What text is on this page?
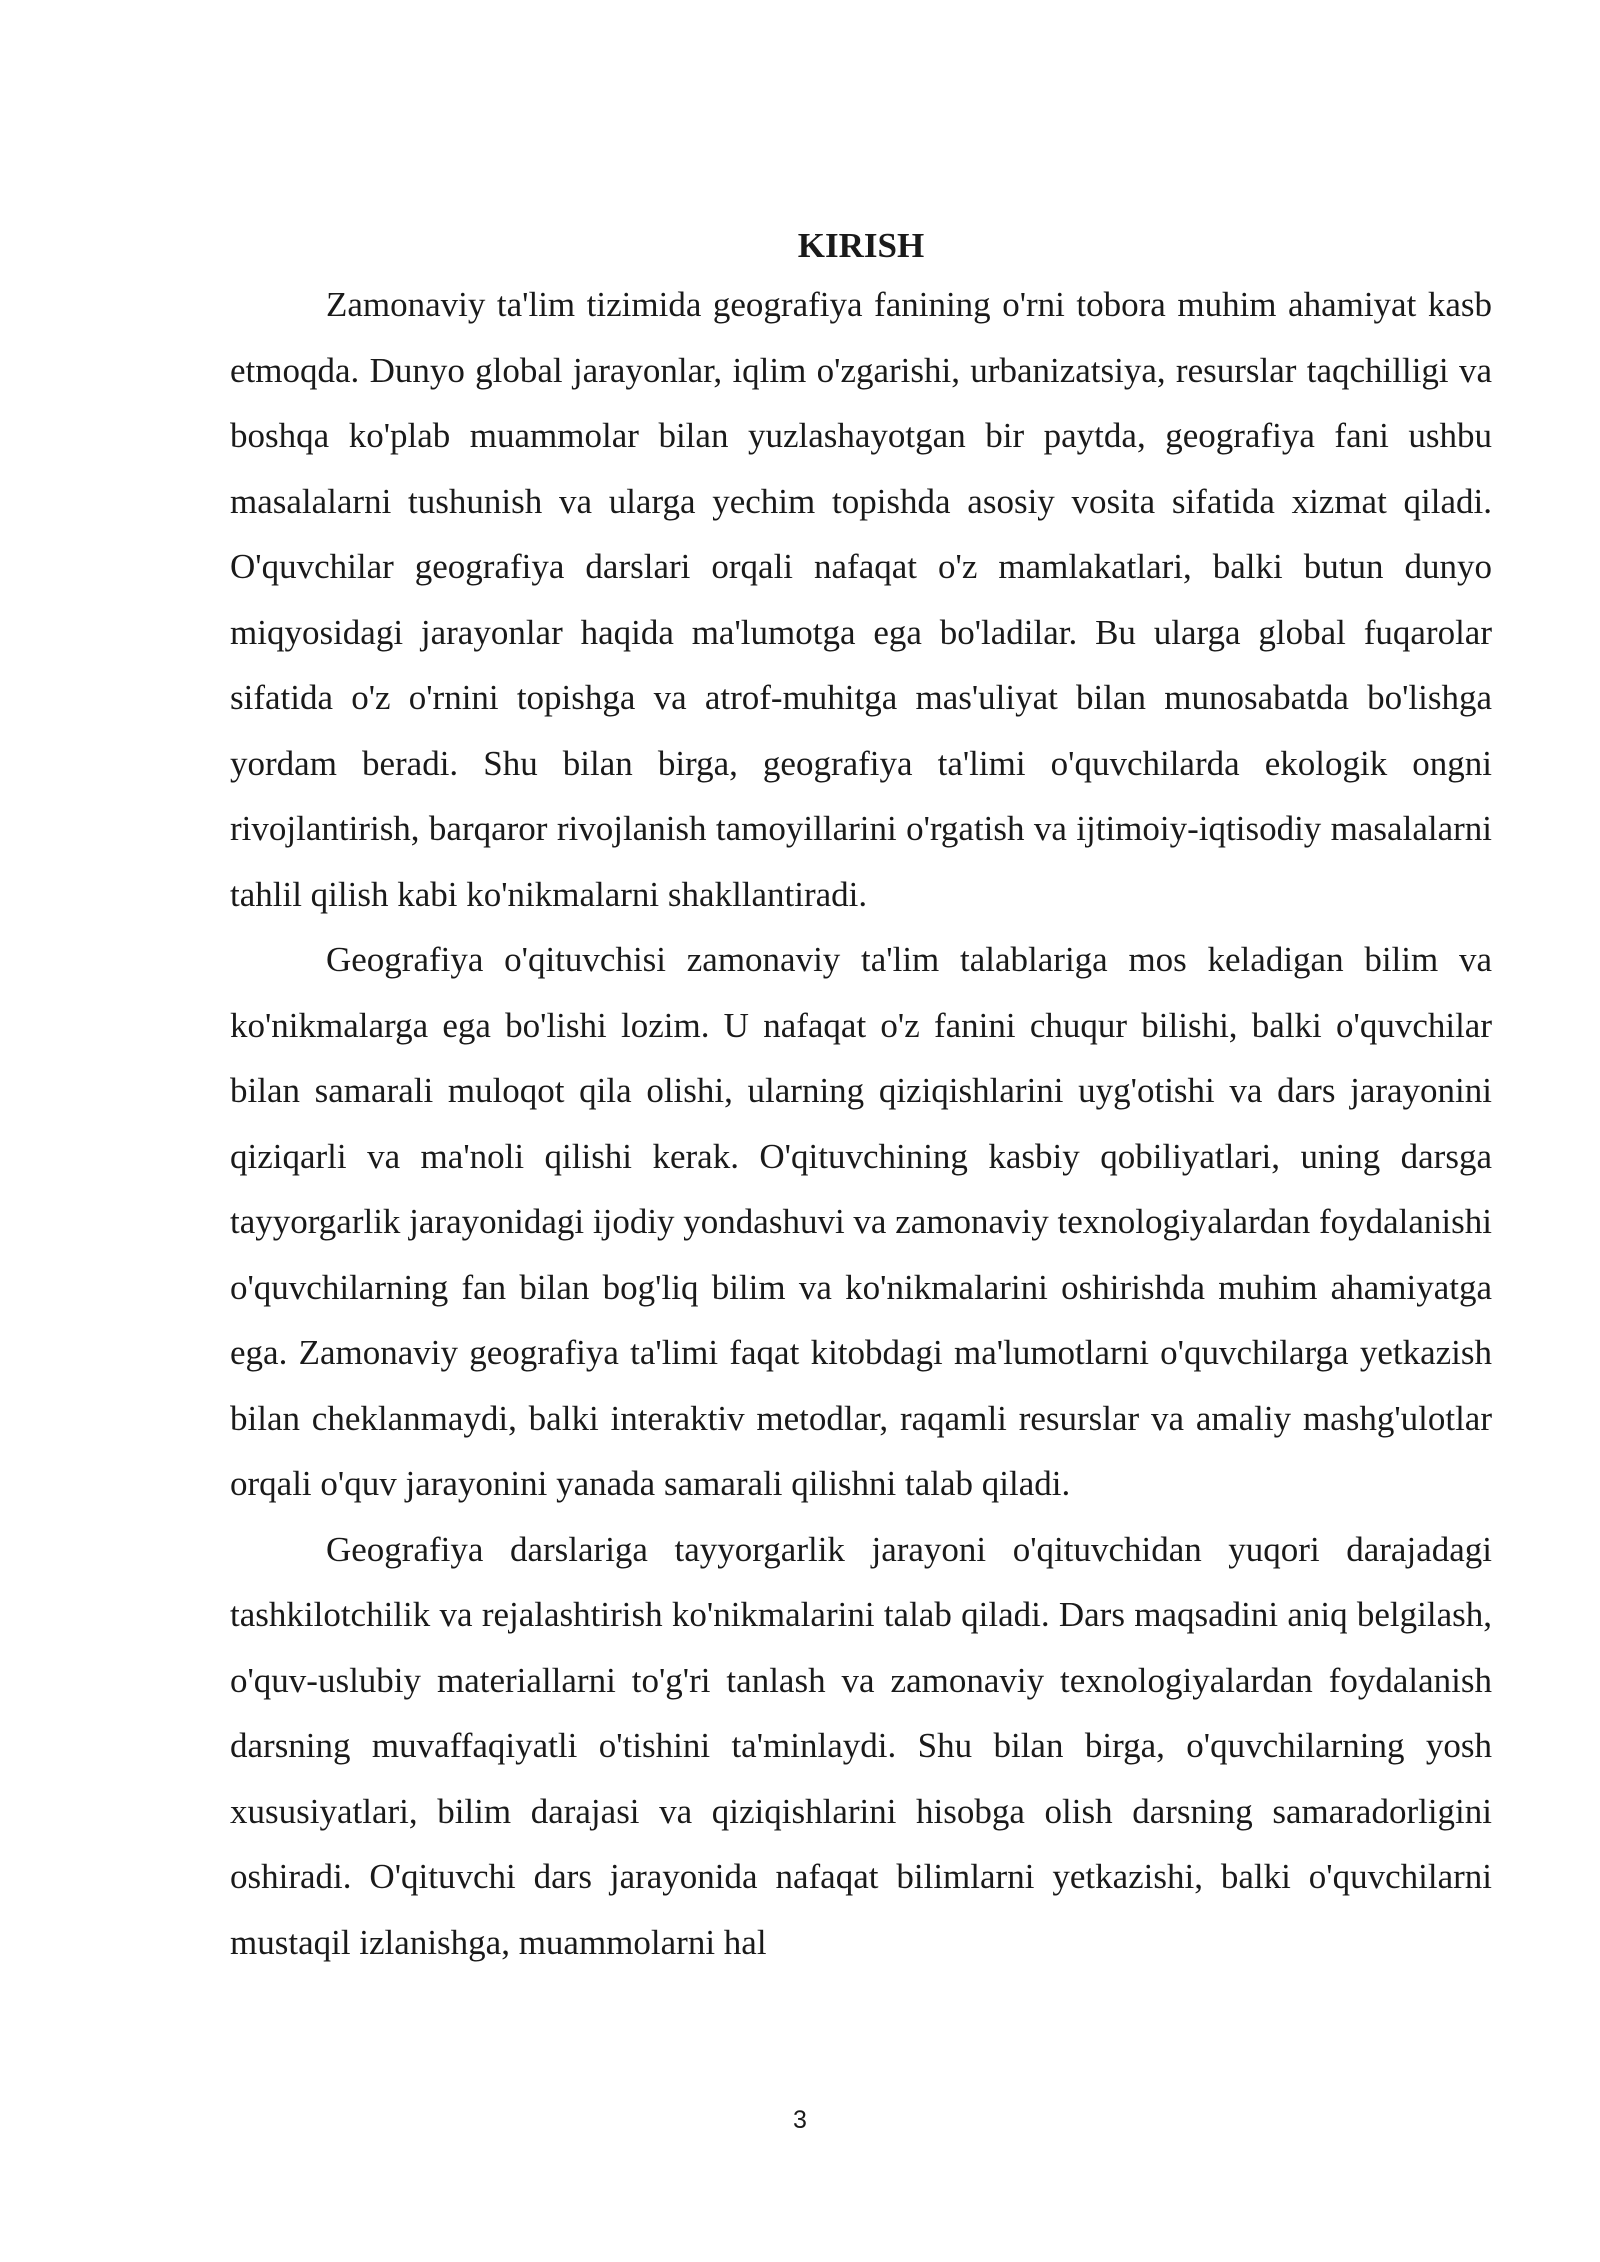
KIRISH

Zamonaviy ta'lim tizimida geografiya fanining o'rni tobora muhim ahamiyat kasb etmoqda. Dunyo global jarayonlar, iqlim o'zgarishi, urbanizatsiya, resurslar taqchilligi va boshqa ko'plab muammolar bilan yuzlashayotgan bir paytda, geografiya fani ushbu masalalarni tushunish va ularga yechim topishda asosiy vosita sifatida xizmat qiladi. O'quvchilar geografiya darslari orqali nafaqat o'z mamlakatlari, balki butun dunyo miqyosidagi jarayonlar haqida ma'lumotga ega bo'ladilar. Bu ularga global fuqarolar sifatida o'z o'rnini topishga va atrof-muhitga mas'uliyat bilan munosabatda bo'lishga yordam beradi. Shu bilan birga, geografiya ta'limi o'quvchilarda ekologik ongni rivojlantirish, barqaror rivojlanish tamoyillarini o'rgatish va ijtimoiy-iqtisodiy masalalarni tahlil qilish kabi ko'nikmalarni shakllantiradi.

Geografiya o'qituvchisi zamonaviy ta'lim talablariga mos keladigan bilim va ko'nikmalarga ega bo'lishi lozim. U nafaqat o'z fanini chuqur bilishi, balki o'quvchilar bilan samarali muloqot qila olishi, ularning qiziqishlarini uyg'otishi va dars jarayonini qiziqarli va ma'noli qilishi kerak. O'qituvchining kasbiy qobiliyatlari, uning darsga tayyorgarlik jarayonidagi ijodiy yondashuvi va zamonaviy texnologiyalardan foydalanishi o'quvchilarning fan bilan bog'liq bilim va ko'nikmalarini oshirishda muhim ahamiyatga ega. Zamonaviy geografiya ta'limi faqat kitobdagi ma'lumotlarni o'quvchilarga yetkazish bilan cheklanmaydi, balki interaktiv metodlar, raqamli resurslar va amaliy mashg'ulotlar orqali o'quv jarayonini yanada samarali qilishni talab qiladi.

Geografiya darslariga tayyorgarlik jarayoni o'qituvchidan yuqori darajadagi tashkilotchilik va rejalashtirish ko'nikmalarini talab qiladi. Dars maqsadini aniq belgilash, o'quv-uslubiy materiallarni to'g'ri tanlash va zamonaviy texnologiyalardan foydalanish darsning muvaffaqiyatli o'tishini ta'minlaydi. Shu bilan birga, o'quvchilarning yosh xususiyatlari, bilim darajasi va qiziqishlarini hisobga olish darsning samaradorligini oshiradi. O'qituvchi dars jarayonida nafaqat bilimlarni yetkazishi, balki o'quvchilarni mustaqil izlanishga, muammolarni hal

3
